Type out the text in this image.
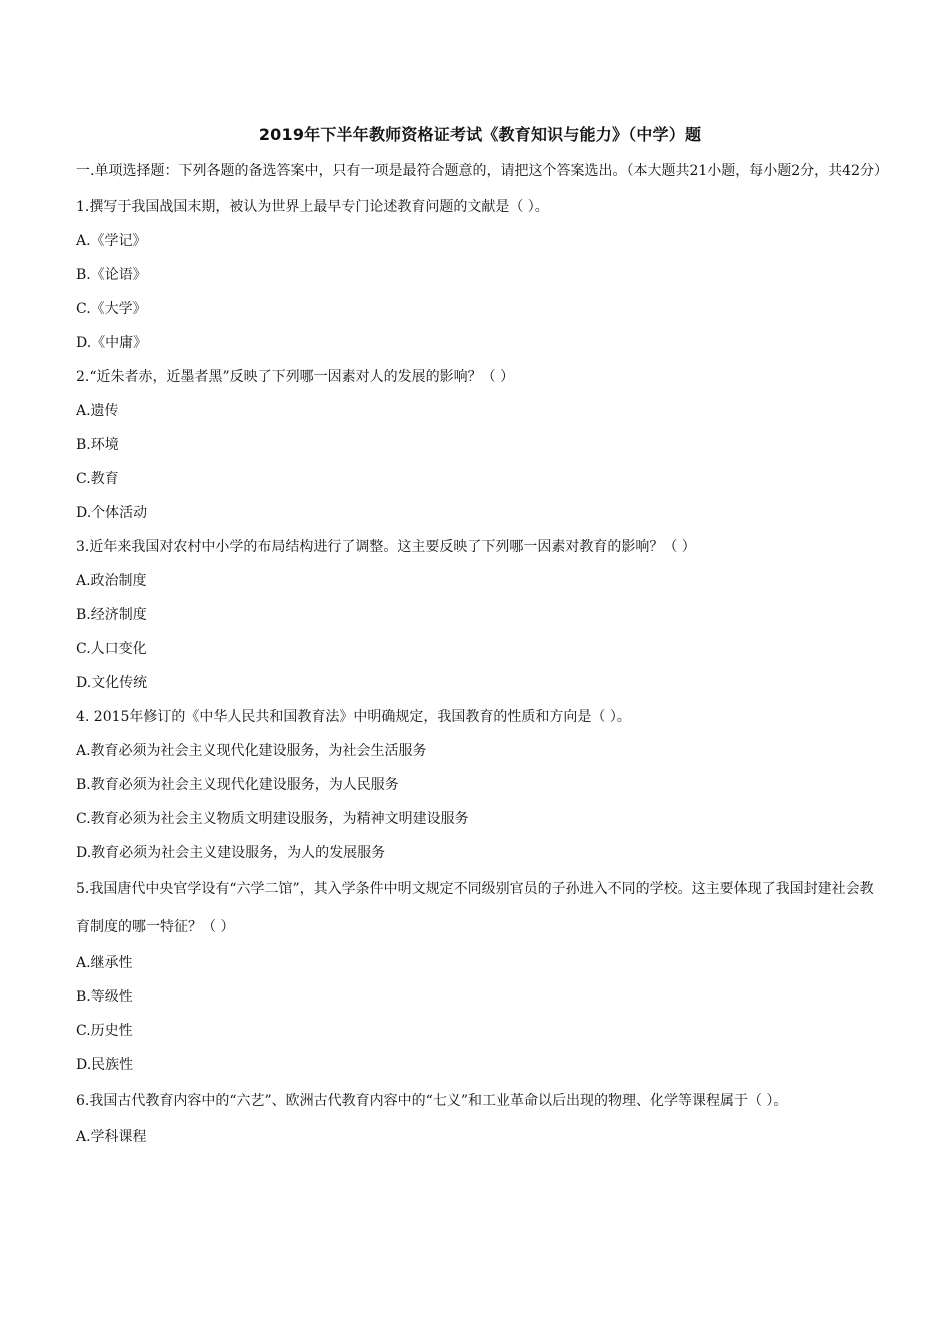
2019年下半年教师资格证考试《教育知识与能力》（中学）题

一.单项选择题：下列各题的备选答案中，只有一项是最符合题意的，请把这个答案选出。（本大题共21小题，每小题2分，共42分）

1.撰写于我国战国末期，被认为世界上最早专门论述教育问题的文献是（ ）。

A.《学记》

B.《论语》

C.《大学》

D.《中庸》

2.“近朱者赤，近墨者黑”反映了下列哪一因素对人的发展的影响？（ ）

A.遗传

B.环境

C.教育

D.个体活动

3.近年来我国对农村中小学的布局结构进行了调整。这主要反映了下列哪一因素对教育的影响？（ ）

A.政治制度

B.经济制度

C.人口变化

D.文化传统

4. 2015年修订的《中华人民共和国教育法》中明确规定，我国教育的性质和方向是（ ）。

A.教育必须为社会主义现代化建设服务，为社会生活服务

B.教育必须为社会主义现代化建设服务，为人民服务

C.教育必须为社会主义物质文明建设服务，为精神文明建设服务

D.教育必须为社会主义建设服务，为人的发展服务

5.我国唐代中央官学设有“六学二馆”，其入学条件中明文规定不同级别官员的子孙进入不同的学校。这主要体现了我国封建社会教育制度的哪一特征？（ ）

A.继承性

B.等级性

C.历史性

D.民族性

6.我国古代教育内容中的“六艺”、欧洲古代教育内容中的“七义”和工业革命以后出现的物理、化学等课程属于（ ）。

A.学科课程
